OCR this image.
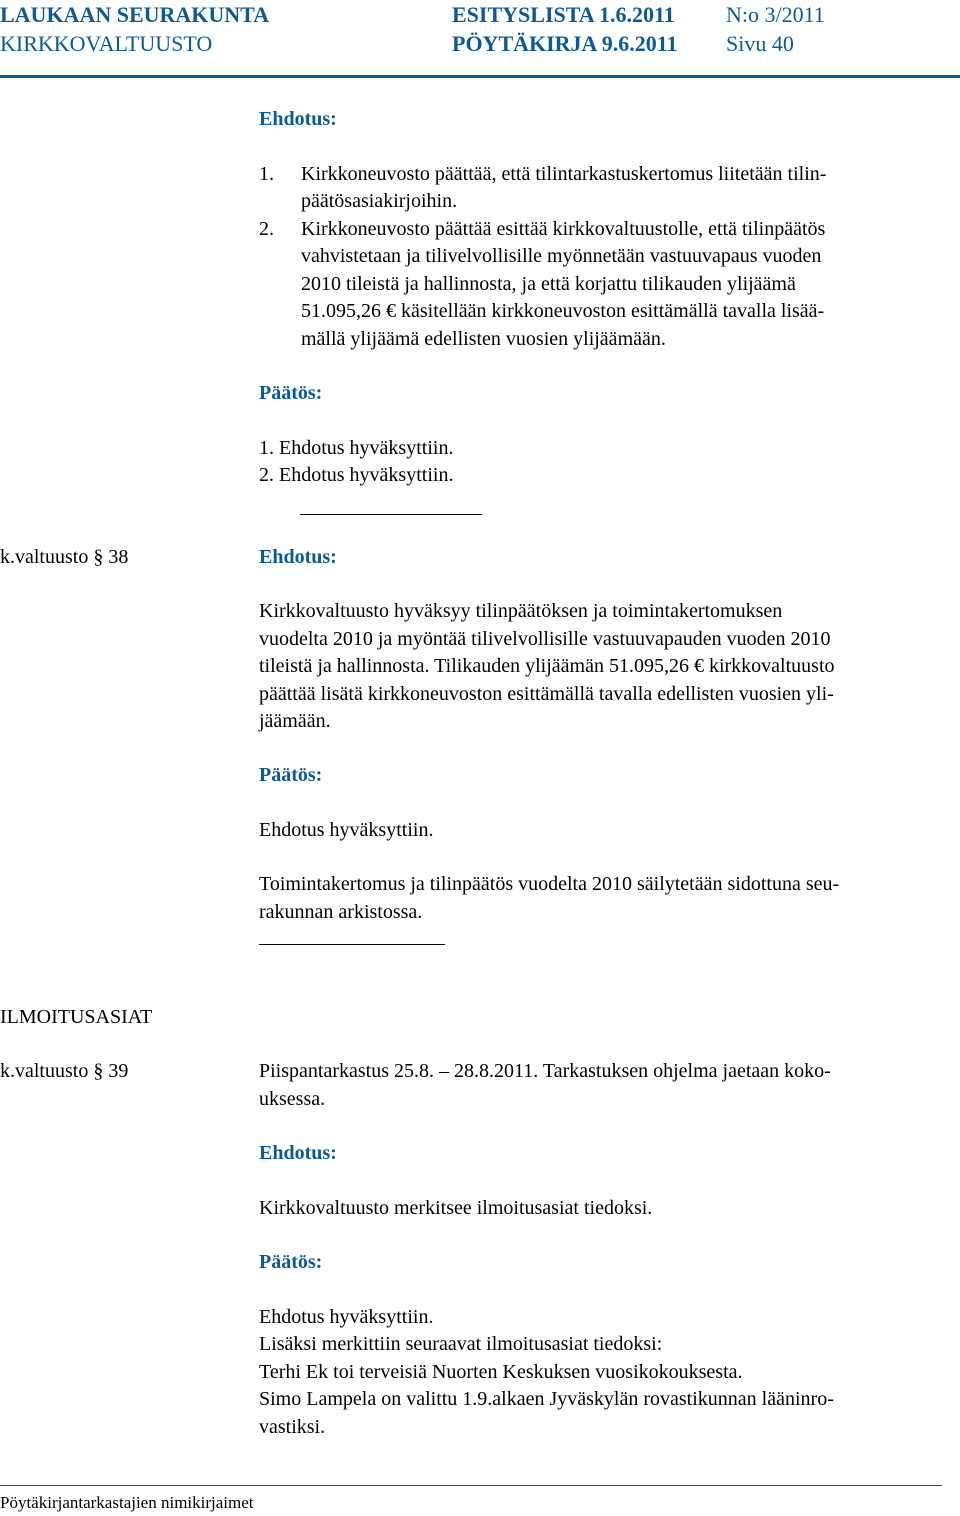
LAUKAAN SEURAKUNTA
KIRKKOVALTUUSTO
ESITYSLISTA 1.6.2011
PÖYTÄKIRJA 9.6.2011
N:o 3/2011
Sivu 40
Ehdotus:
1. Kirkkoneuvosto päättää, että tilintarkastuskertomus liitetään tilin-
päätösasiakirjoihin.
2. Kirkkoneuvosto päättää esittää kirkkovaltuustolle, että tilinpäätös
vahvistetaan ja tilivelvollisille myönnetään vastuuvapaus vuoden
2010 tileistä ja hallinnosta, ja että korjattu tilikauden ylijäämä
51.095,26 € käsitellään kirkkoneuvoston esittämällä tavalla lisää-
mällä ylijäämä edellisten vuosien ylijäämään.
Päätös:
1. Ehdotus hyväksyttiin.
2. Ehdotus hyväksyttiin.
k.valtuusto § 38	Ehdotus:
Kirkkovaltuusto hyväksyy tilinpäätöksen ja toimintakertomuksen
vuodelta 2010 ja myöntää tilivelvollisille vastuuvapauden vuoden 2010
tileistä ja hallinnosta. Tilikauden ylijäämän 51.095,26 € kirkkovaltuusto
päättää lisätä kirkkoneuvoston esittämällä tavalla edellisten vuosien yli-
jäämään.
Päätös:
Ehdotus hyväksyttiin.
Toimintakertomus ja tilinpäätös vuodelta 2010 säilytetään sidottuna seu-
rakunnan arkistossa.
ILMOITUSASIAT
k.valtuusto § 39	Piispantarkastus 25.8. – 28.8.2011. Tarkastuksen ohjelma jaetaan koko-
uksessa.
Ehdotus:
Kirkkovaltuusto merkitsee ilmoitusasiat tiedoksi.
Päätös:
Ehdotus hyväksyttiin.
Lisäksi merkittiin seuraavat ilmoitusasiat tiedoksi:
Terhi Ek toi terveisiä Nuorten Keskuksen vuosikokouksesta.
Simo Lampela on valittu 1.9.alkaen Jyväskylän rovastikunnan lääninro-
vastiksi.
Pöytäkirjantarkastajien nimikirjaimet
